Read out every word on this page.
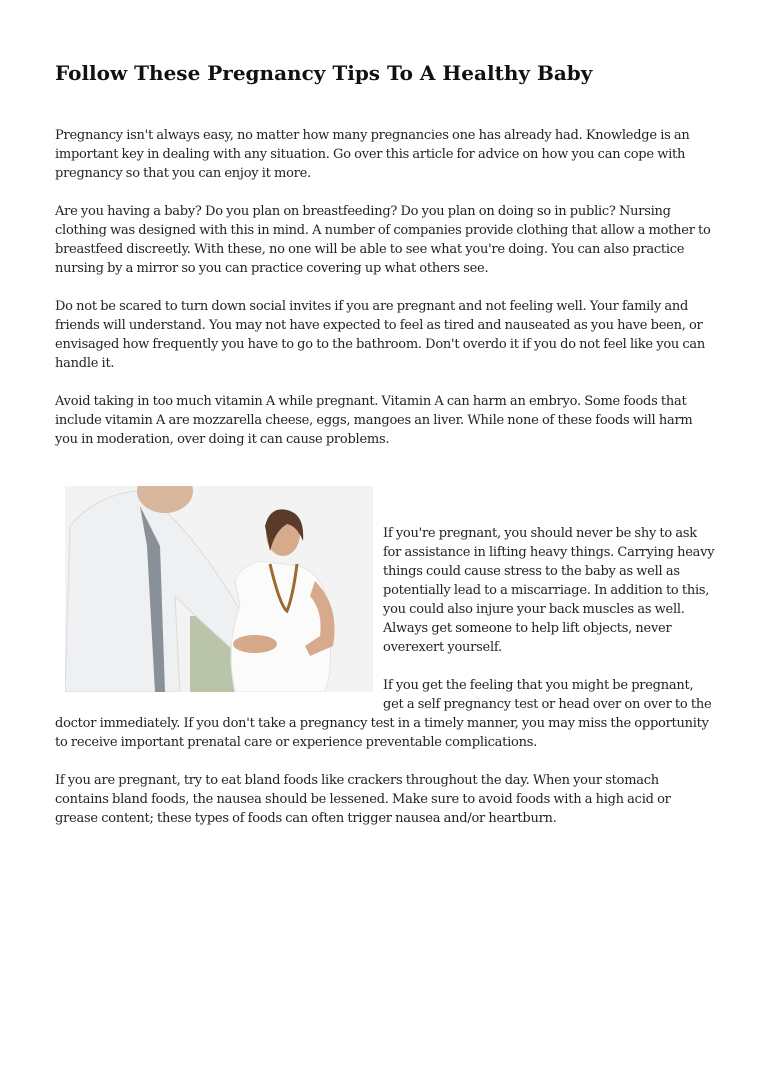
Follow These Pregnancy Tips To A Healthy Baby

Pregnancy isn't always easy, no matter how many pregnancies one has already had. Knowledge is an important key in dealing with any situation. Go over this article for advice on how you can cope with pregnancy so that you can enjoy it more.

Are you having a baby? Do you plan on breastfeeding? Do you plan on doing so in public? Nursing clothing was designed with this in mind. A number of companies provide clothing that allow a mother to breastfeed discreetly. With these, no one will be able to see what you're doing. You can also practice nursing by a mirror so you can practice covering up what others see.

Do not be scared to turn down social invites if you are pregnant and not feeling well. Your family and friends will understand. You may not have expected to feel as tired and nauseated as you have been, or envisaged how frequently you have to go to the bathroom. Don't overdo it if you do not feel like you can handle it.

Avoid taking in too much vitamin A while pregnant. Vitamin A can harm an embryo. Some foods that include vitamin A are mozzarella cheese, eggs, mangoes an liver. While none of these foods will harm you in moderation, over doing it can cause problems.

If you're pregnant, you should never be shy to ask for assistance in lifting heavy things. Carrying heavy things could cause stress to the baby as well as potentially lead to a miscarriage. In addition to this, you could also injure your back muscles as well. Always get someone to help lift objects, never overexert yourself.

If you get the feeling that you might be pregnant, get a self pregnancy test or head over on over to the doctor immediately. If you don't take a pregnancy test in a timely manner, you may miss the opportunity to receive important prenatal care or experience preventable complications.

If you are pregnant, try to eat bland foods like crackers throughout the day. When your stomach contains bland foods, the nausea should be lessened. Make sure to avoid foods with a high acid or grease content; these types of foods can often trigger nausea and/or heartburn.
